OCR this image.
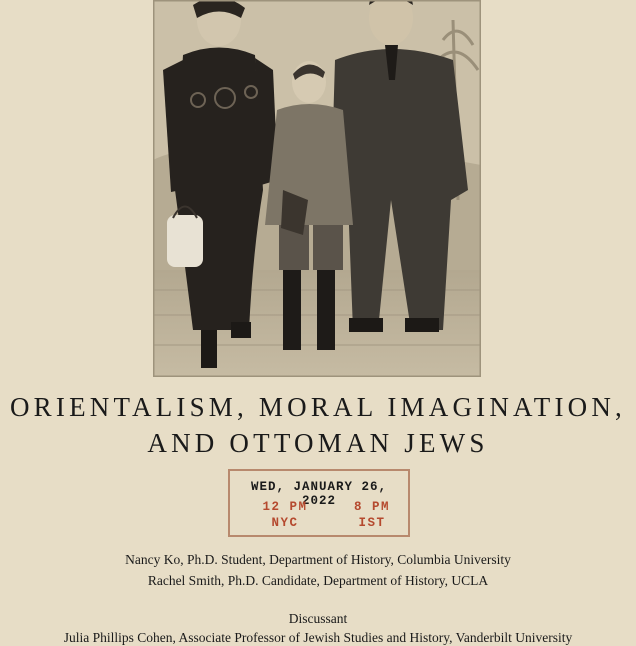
ORIENTALISM, MORAL IMAGINATION,
AND OTTOMAN JEWS
WED, JANUARY 26, 2022
12 PM
NYC
8 PM
IST
Nancy Ko, Ph.D. Student, Department of History, Columbia University
Rachel Smith, Ph.D. Candidate, Department of History, UCLA
Discussant
Julia Phillips Cohen, Associate Professor of Jewish Studies and History, Vanderbilt University
